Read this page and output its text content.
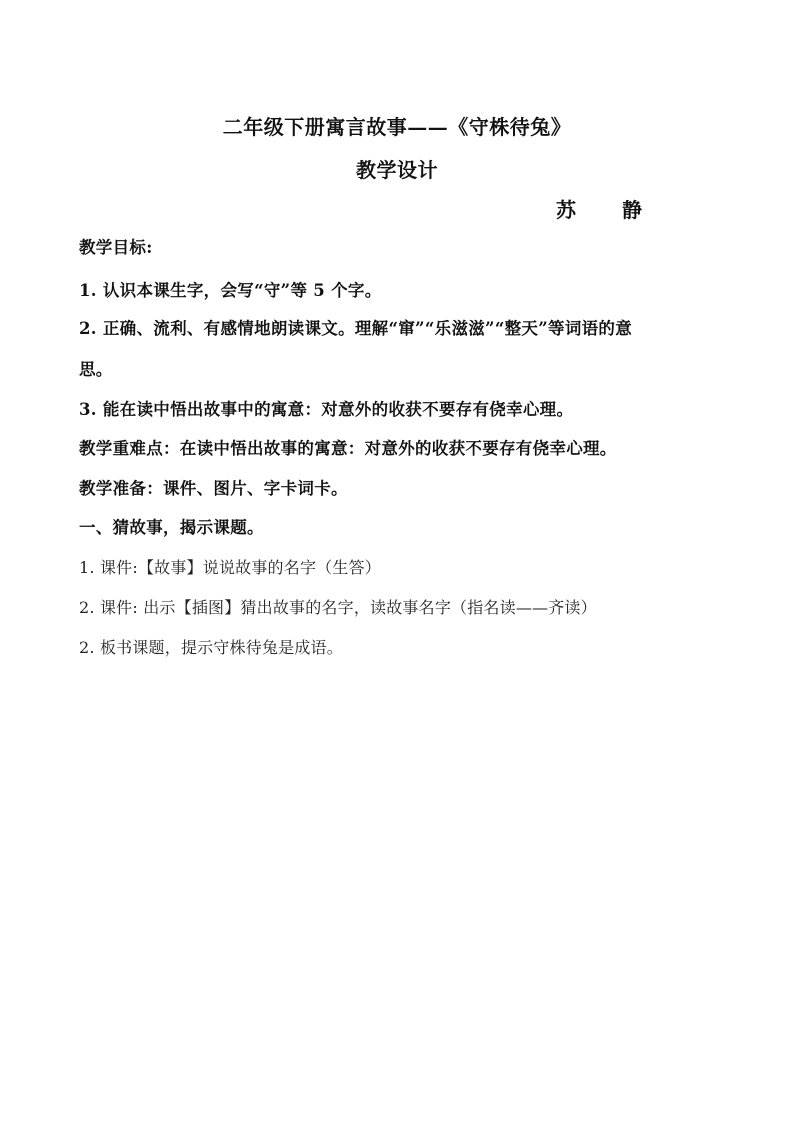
二年级下册寓言故事——《守株待兔》
教学设计
苏 静
教学目标:
1. 认识本课生字，会写“守”等 5 个字。
2. 正确、流利、有感情地朗读课文。理解“窜”“乐滋滋”“整天”等词语的意
思。
3. 能在读中悟出故事中的寓意：对意外的收获不要存有侥幸心理。
教学重难点：在读中悟出故事的寓意：对意外的收获不要存有侥幸心理。
教学准备：课件、图片、字卡词卡。
一、猜故事，揭示课题。
1. 课件:【故事】说说故事的名字（生答）
2. 课件: 出示【插图】猜出故事的名字，读故事名字（指名读——齐读）
2. 板书课题，提示守株待兔是成语。
